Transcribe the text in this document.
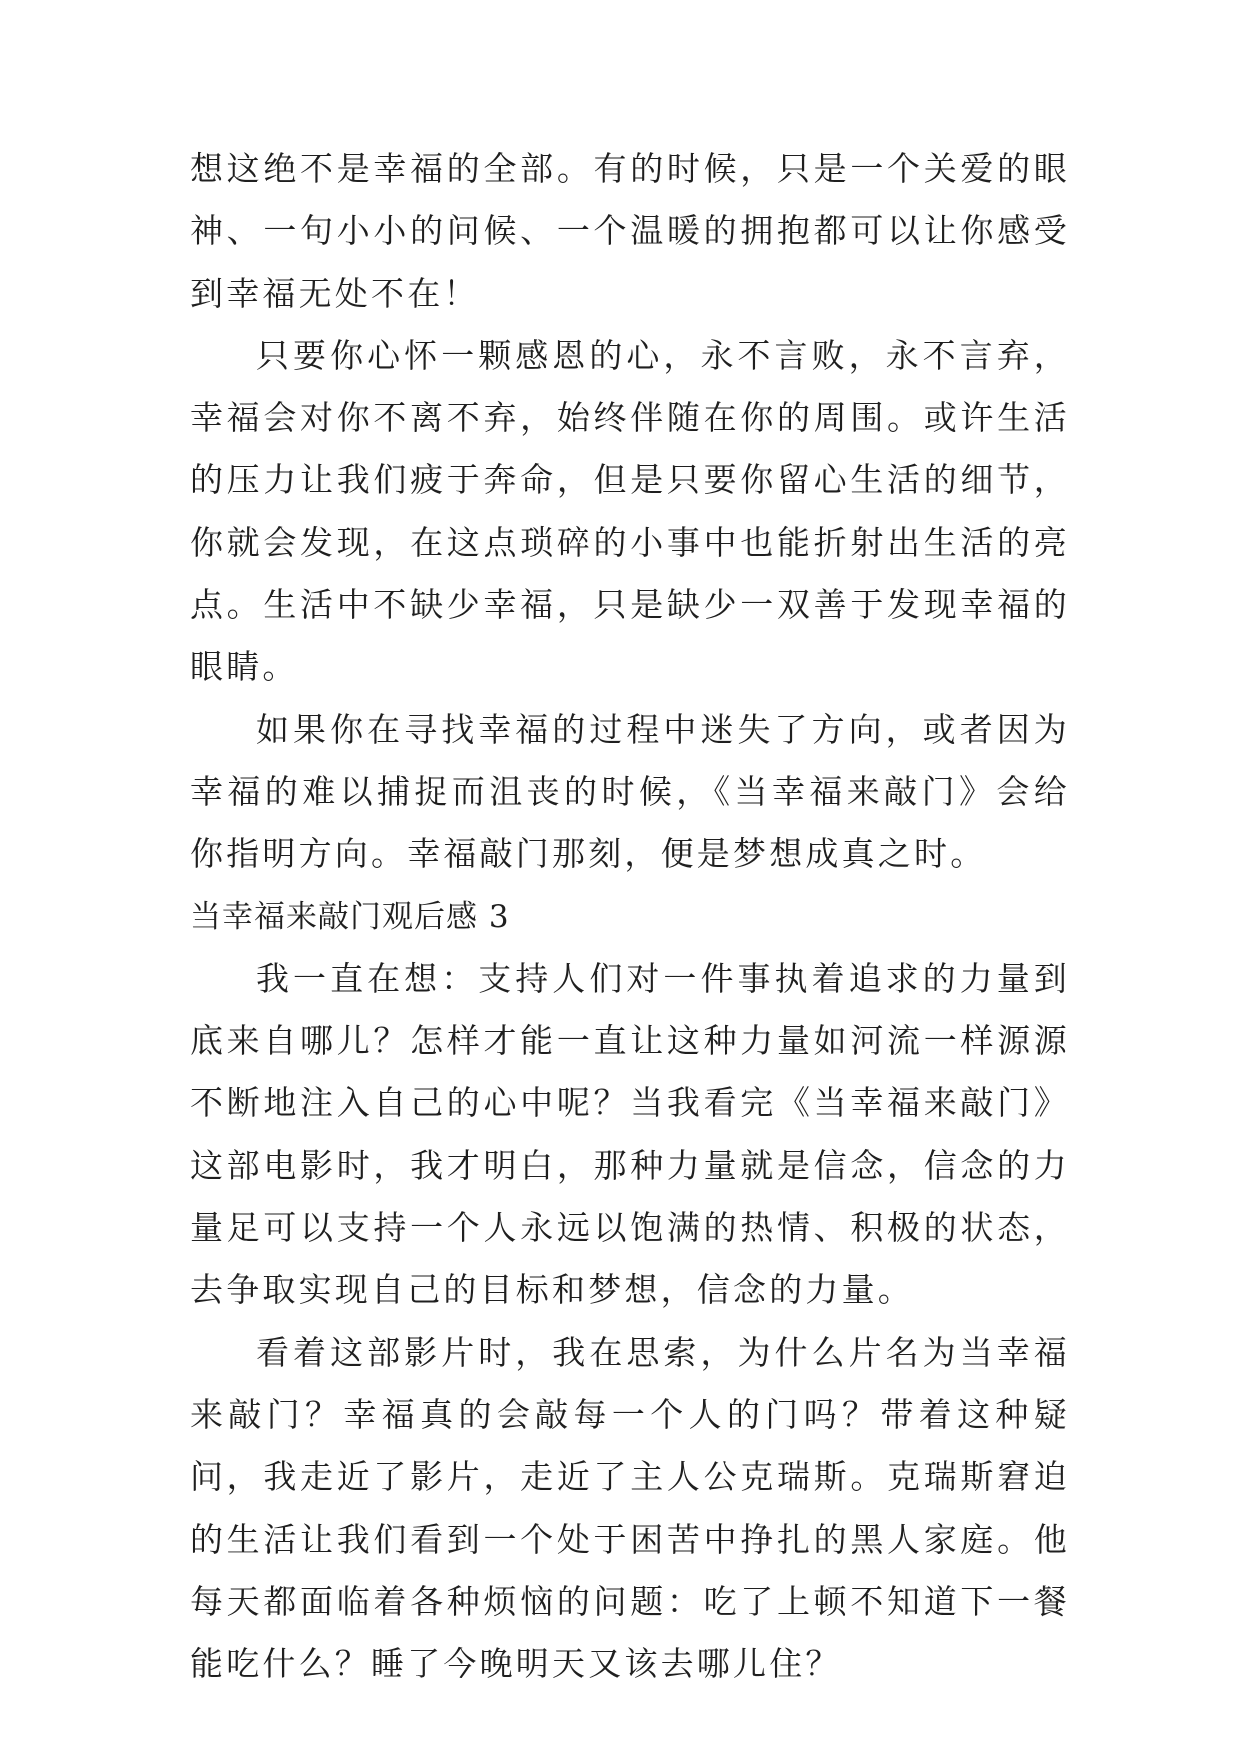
想这绝不是幸福的全部。有的时候，只是一个关爱的眼神、一句小小的问候、一个温暖的拥抱都可以让你感受到幸福无处不在！

只要你心怀一颗感恩的心，永不言败，永不言弃，幸福会对你不离不弃，始终伴随在你的周围。或许生活的压力让我们疲于奔命，但是只要你留心生活的细节，你就会发现，在这点琐碎的小事中也能折射出生活的亮点。生活中不缺少幸福，只是缺少一双善于发现幸福的眼睛。

如果你在寻找幸福的过程中迷失了方向，或者因为幸福的难以捕捉而沮丧的时候，《当幸福来敲门》会给你指明方向。幸福敲门那刻，便是梦想成真之时。

当幸福来敲门观后感 3

我一直在想：支持人们对一件事执着追求的力量到底来自哪儿？怎样才能一直让这种力量如河流一样源源不断地注入自己的心中呢？当我看完《当幸福来敲门》这部电影时，我才明白，那种力量就是信念，信念的力量足可以支持一个人永远以饱满的热情、积极的状态，去争取实现自己的目标和梦想，信念的力量。

看着这部影片时，我在思索，为什么片名为当幸福来敲门？幸福真的会敲每一个人的门吗？带着这种疑问，我走近了影片，走近了主人公克瑞斯。克瑞斯窘迫的生活让我们看到一个处于困苦中挣扎的黑人家庭。他每天都面临着各种烦恼的问题：吃了上顿不知道下一餐能吃什么？睡了今晚明天又该去哪儿住？
